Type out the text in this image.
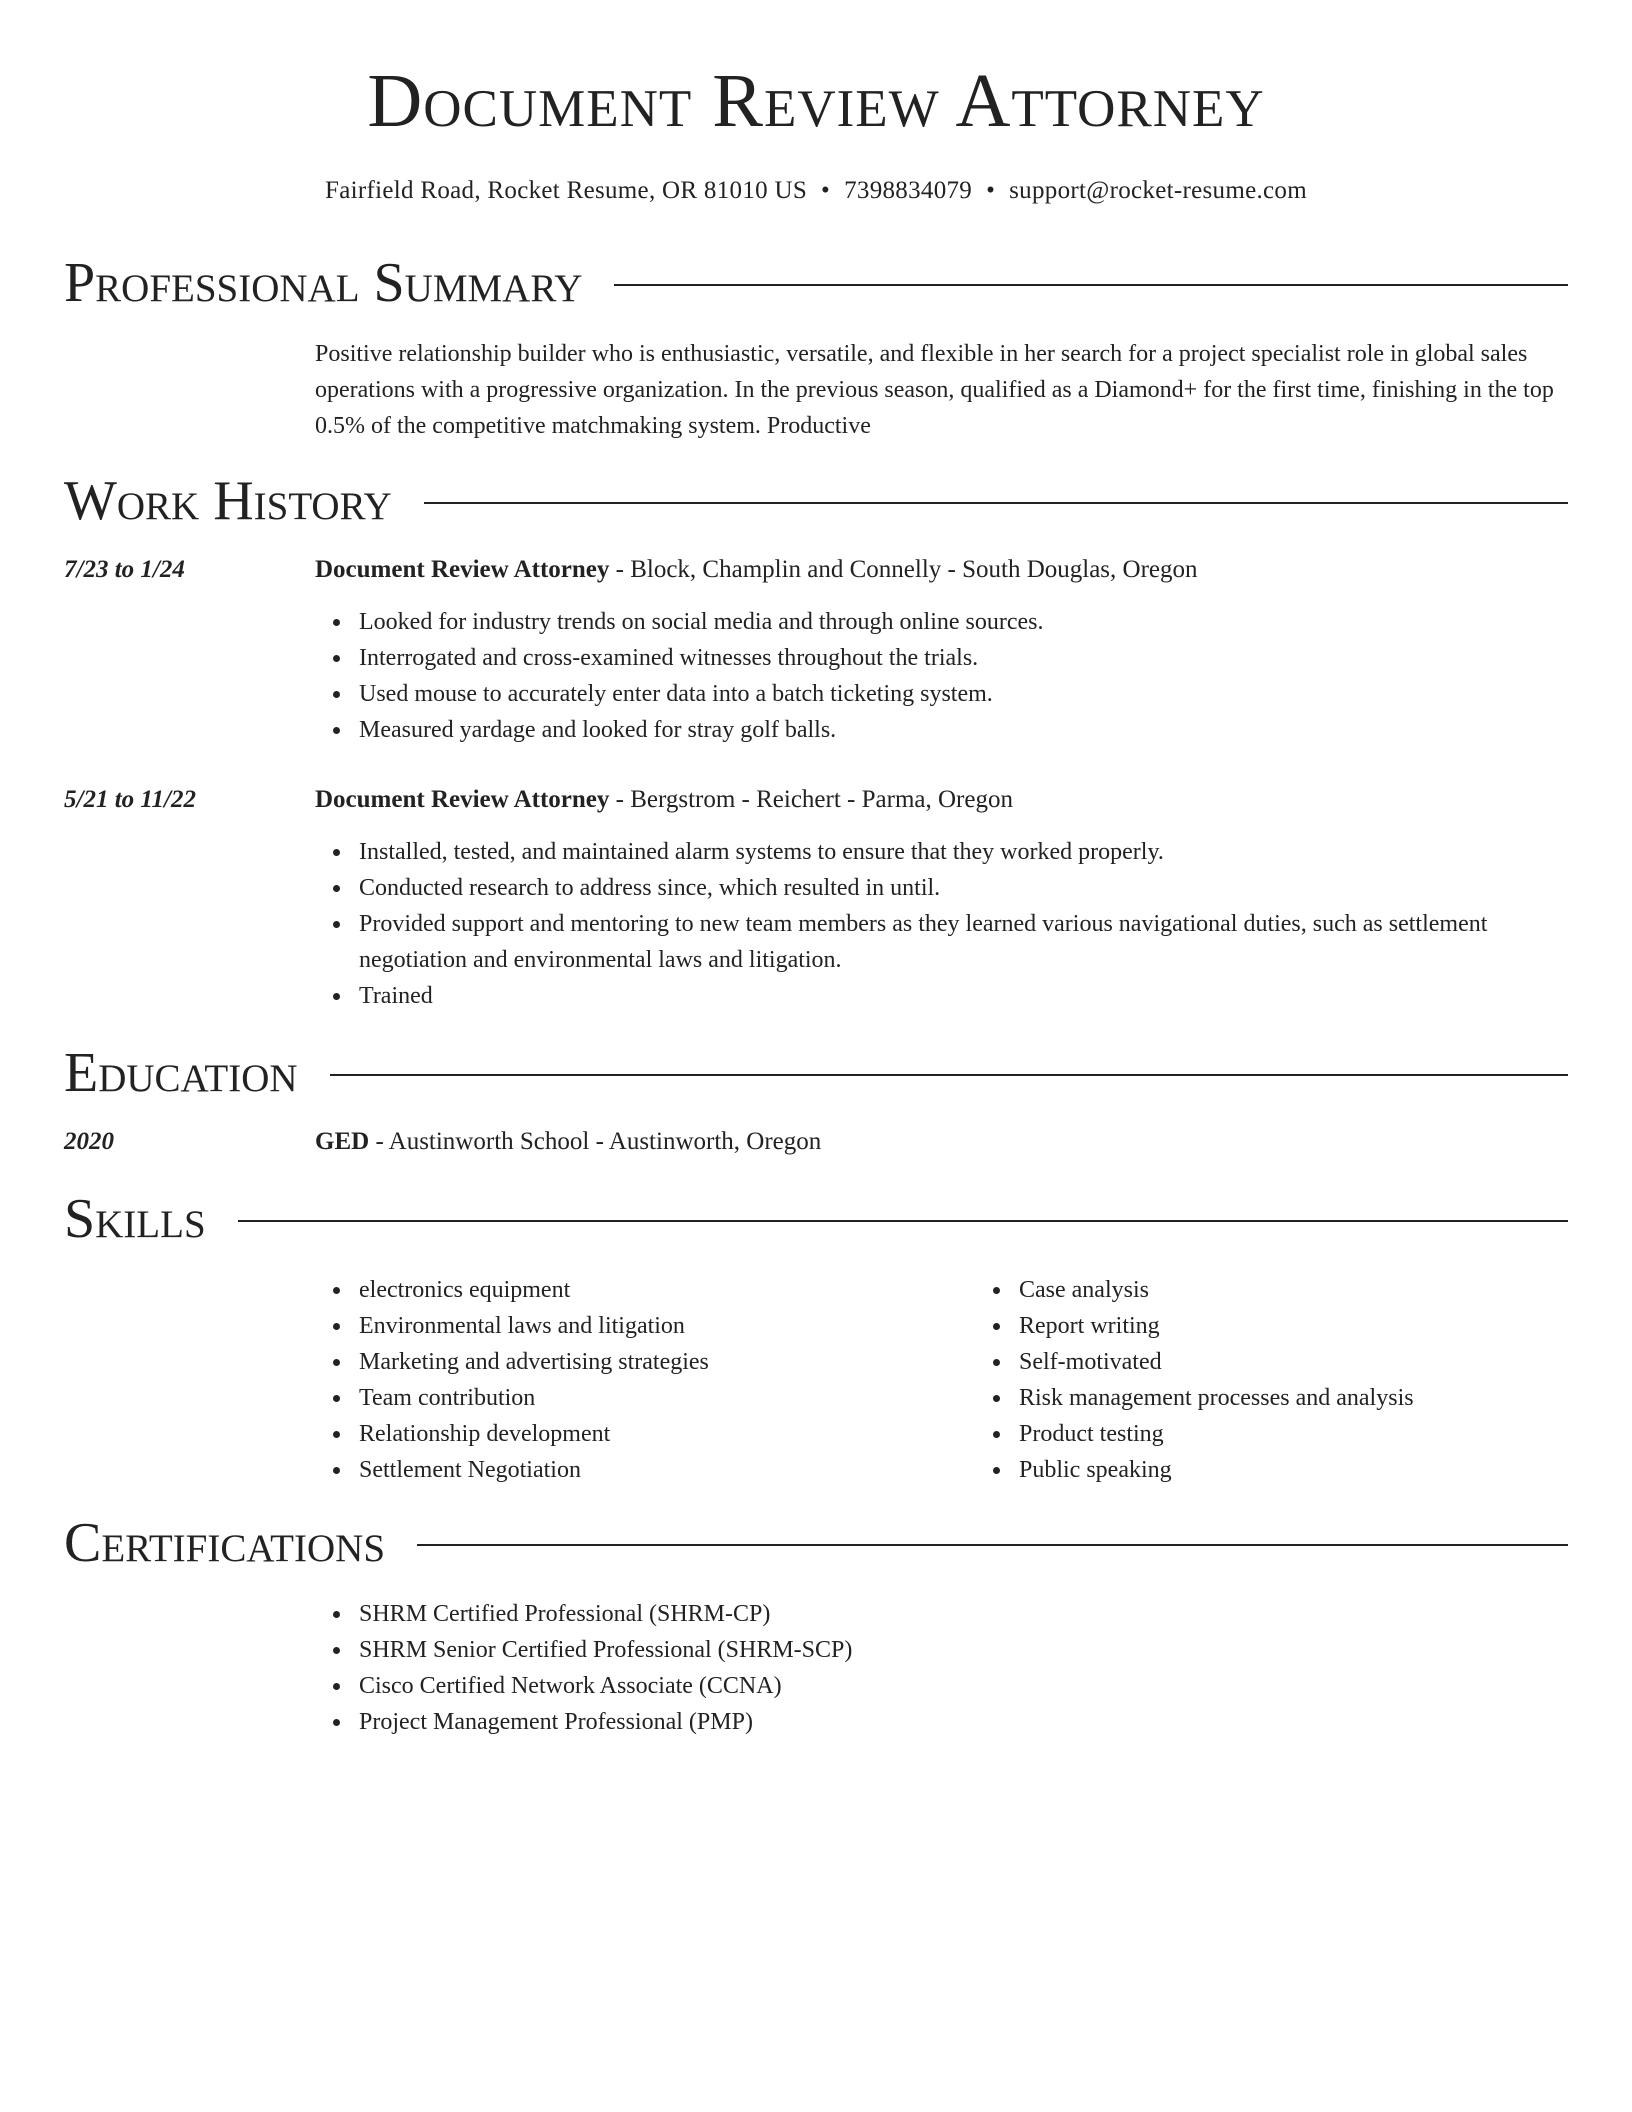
Document Review Attorney
Fairfield Road, Rocket Resume, OR 81010 US • 7398834079 • support@rocket-resume.com
Professional Summary

Positive relationship builder who is enthusiastic, versatile, and flexible in her search for a project specialist role in global sales operations with a progressive organization. In the previous season, qualified as a Diamond+ for the first time, finishing in the top 0.5% of the competitive matchmaking system. Productive

Work History
7/23 to 1/24	Document Review Attorney - Block, Champlin and Connelly - South Douglas, Oregon
Looked for industry trends on social media and through online sources.
Interrogated and cross-examined witnesses throughout the trials.
Used mouse to accurately enter data into a batch ticketing system.
Measured yardage and looked for stray golf balls.
5/21 to 11/22	Document Review Attorney - Bergstrom - Reichert - Parma, Oregon
Installed, tested, and maintained alarm systems to ensure that they worked properly.
Conducted research to address since, which resulted in until.
Provided support and mentoring to new team members as they learned various navigational duties, such as settlement negotiation and environmental laws and litigation.
Trained
Education
2020	GED - Austinworth School - Austinworth, Oregon
Skills
electronics equipment
Environmental laws and litigation
Marketing and advertising strategies
Team contribution
Relationship development
Settlement Negotiation
Case analysis
Report writing
Self-motivated
Risk management processes and analysis
Product testing
Public speaking
Certifications
SHRM Certified Professional (SHRM-CP)
SHRM Senior Certified Professional (SHRM-SCP)
Cisco Certified Network Associate (CCNA)
Project Management Professional (PMP)
